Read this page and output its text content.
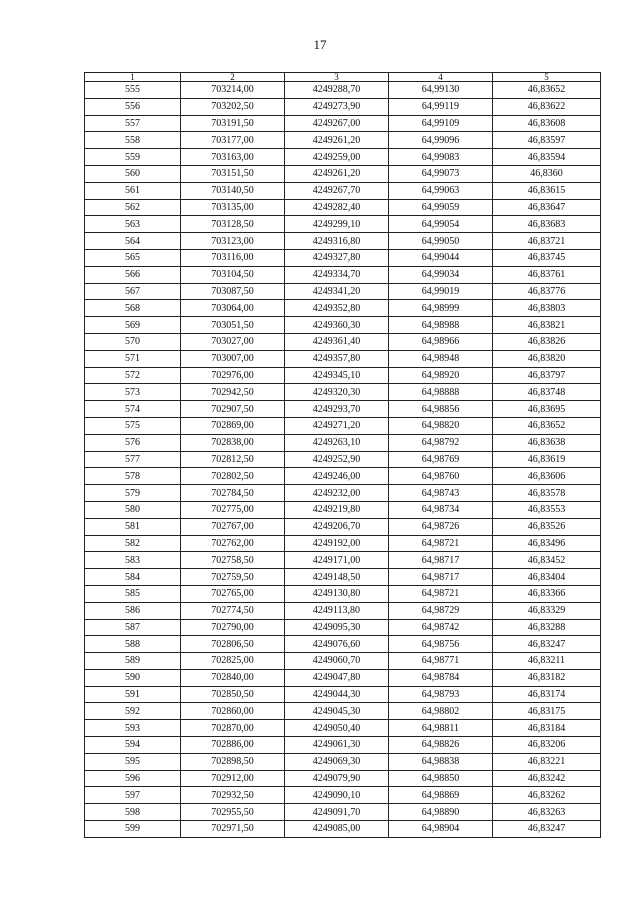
17
1	2	3	4	5
555	703214,00	4249288,70	64,99130	46,83652
556	703202,50	4249273,90	64,99119	46,83622
557	703191,50	4249267,00	64,99109	46,83608
558	703177,00	4249261,20	64,99096	46,83597
559	703163,00	4249259,00	64,99083	46,83594
560	703151,50	4249261,20	64,99073	46,8360
561	703140,50	4249267,70	64,99063	46,83615
562	703135,00	4249282,40	64,99059	46,83647
563	703128,50	4249299,10	64,99054	46,83683
564	703123,00	4249316,80	64,99050	46,83721
565	703116,00	4249327,80	64,99044	46,83745
566	703104,50	4249334,70	64,99034	46,83761
567	703087,50	4249341,20	64,99019	46,83776
568	703064,00	4249352,80	64,98999	46,83803
569	703051,50	4249360,30	64,98988	46,83821
570	703027,00	4249361,40	64,98966	46,83826
571	703007,00	4249357,80	64,98948	46,83820
572	702976,00	4249345,10	64,98920	46,83797
573	702942,50	4249320,30	64,98888	46,83748
574	702907,50	4249293,70	64,98856	46,83695
575	702869,00	4249271,20	64,98820	46,83652
576	702838,00	4249263,10	64,98792	46,83638
577	702812,50	4249252,90	64,98769	46,83619
578	702802,50	4249246,00	64,98760	46,83606
579	702784,50	4249232,00	64,98743	46,83578
580	702775,00	4249219,80	64,98734	46,83553
581	702767,00	4249206,70	64,98726	46,83526
582	702762,00	4249192,00	64,98721	46,83496
583	702758,50	4249171,00	64,98717	46,83452
584	702759,50	4249148,50	64,98717	46,83404
585	702765,00	4249130,80	64,98721	46,83366
586	702774,50	4249113,80	64,98729	46,83329
587	702790,00	4249095,30	64,98742	46,83288
588	702806,50	4249076,60	64,98756	46,83247
589	702825,00	4249060,70	64,98771	46,83211
590	702840,00	4249047,80	64,98784	46,83182
591	702850,50	4249044,30	64,98793	46,83174
592	702860,00	4249045,30	64,98802	46,83175
593	702870,00	4249050,40	64,98811	46,83184
594	702886,00	4249061,30	64,98826	46,83206
595	702898,50	4249069,30	64,98838	46,83221
596	702912,00	4249079,90	64,98850	46,83242
597	702932,50	4249090,10	64,98869	46,83262
598	702955,50	4249091,70	64,98890	46,83263
599	702971,50	4249085,00	64,98904	46,83247
